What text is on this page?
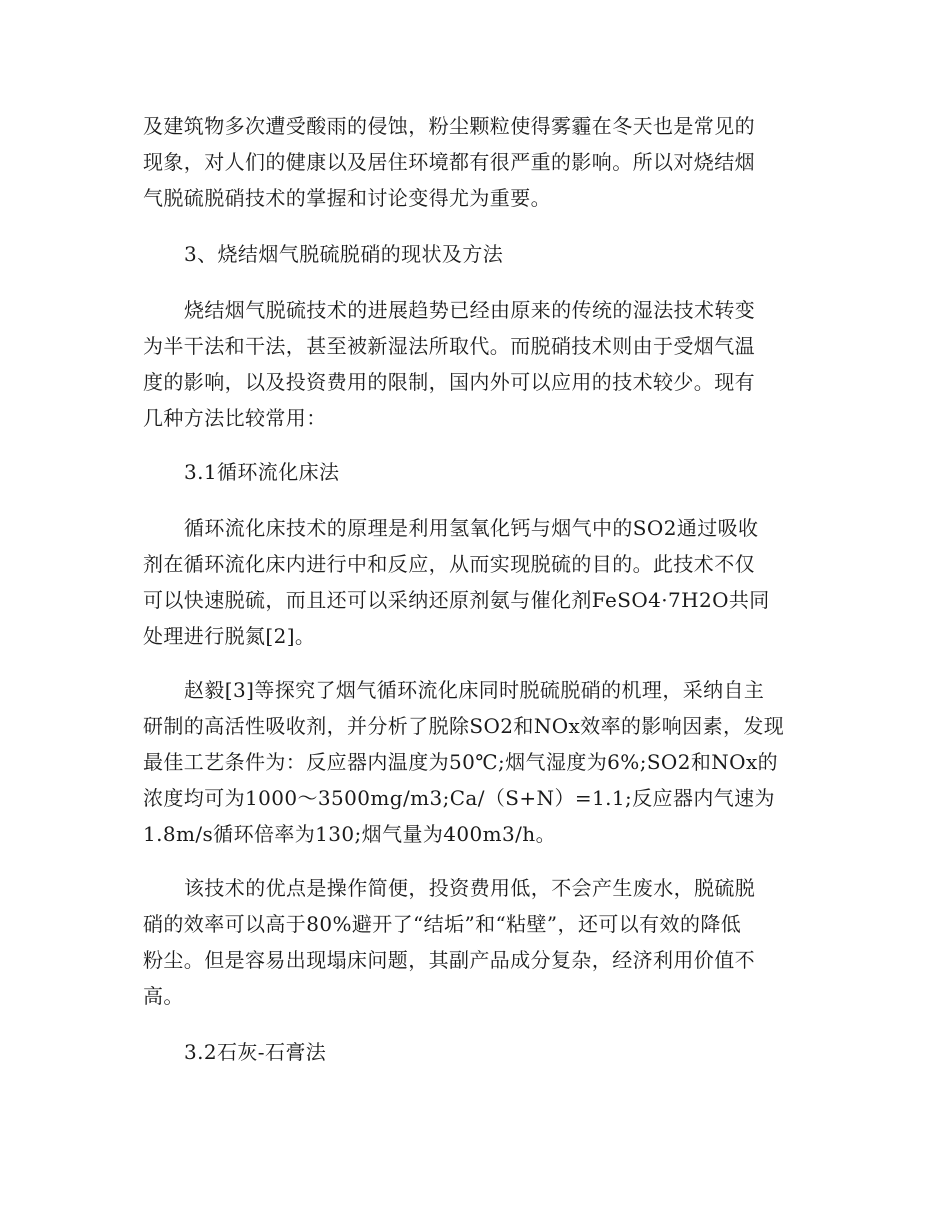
及建筑物多次遭受酸雨的侵蚀，粉尘颗粒使得雾霾在冬天也是常见的
现象，对人们的健康以及居住环境都有很严重的影响。所以对烧结烟
气脱硫脱硝技术的掌握和讨论变得尤为重要。
3、烧结烟气脱硫脱硝的现状及方法
烧结烟气脱硫技术的进展趋势已经由原来的传统的湿法技术转变
为半干法和干法，甚至被新湿法所取代。而脱硝技术则由于受烟气温
度的影响，以及投资费用的限制，国内外可以应用的技术较少。现有
几种方法比较常用：
3.1循环流化床法
循环流化床技术的原理是利用氢氧化钙与烟气中的SO2通过吸收
剂在循环流化床内进行中和反应，从而实现脱硫的目的。此技术不仅
可以快速脱硫，而且还可以采纳还原剂氨与催化剂FeSO4·7H2O共同
处理进行脱氮[2]。
赵毅[3]等探究了烟气循环流化床同时脱硫脱硝的机理，采纳自主
研制的高活性吸收剂，并分析了脱除SO2和NOx效率的影响因素，发现
最佳工艺条件为：反应器内温度为50℃;烟气湿度为6%;SO2和NOx的
浓度均可为1000～3500mg/m3;Ca/（S+N）=1.1;反应器内气速为
1.8m/s循环倍率为130;烟气量为400m3/h。
该技术的优点是操作简便，投资费用低，不会产生废水，脱硫脱
硝的效率可以高于80%避开了“结垢”和“粘壁”，还可以有效的降低
粉尘。但是容易出现塌床问题，其副产品成分复杂，经济利用价值不
高。
3.2石灰-石膏法
